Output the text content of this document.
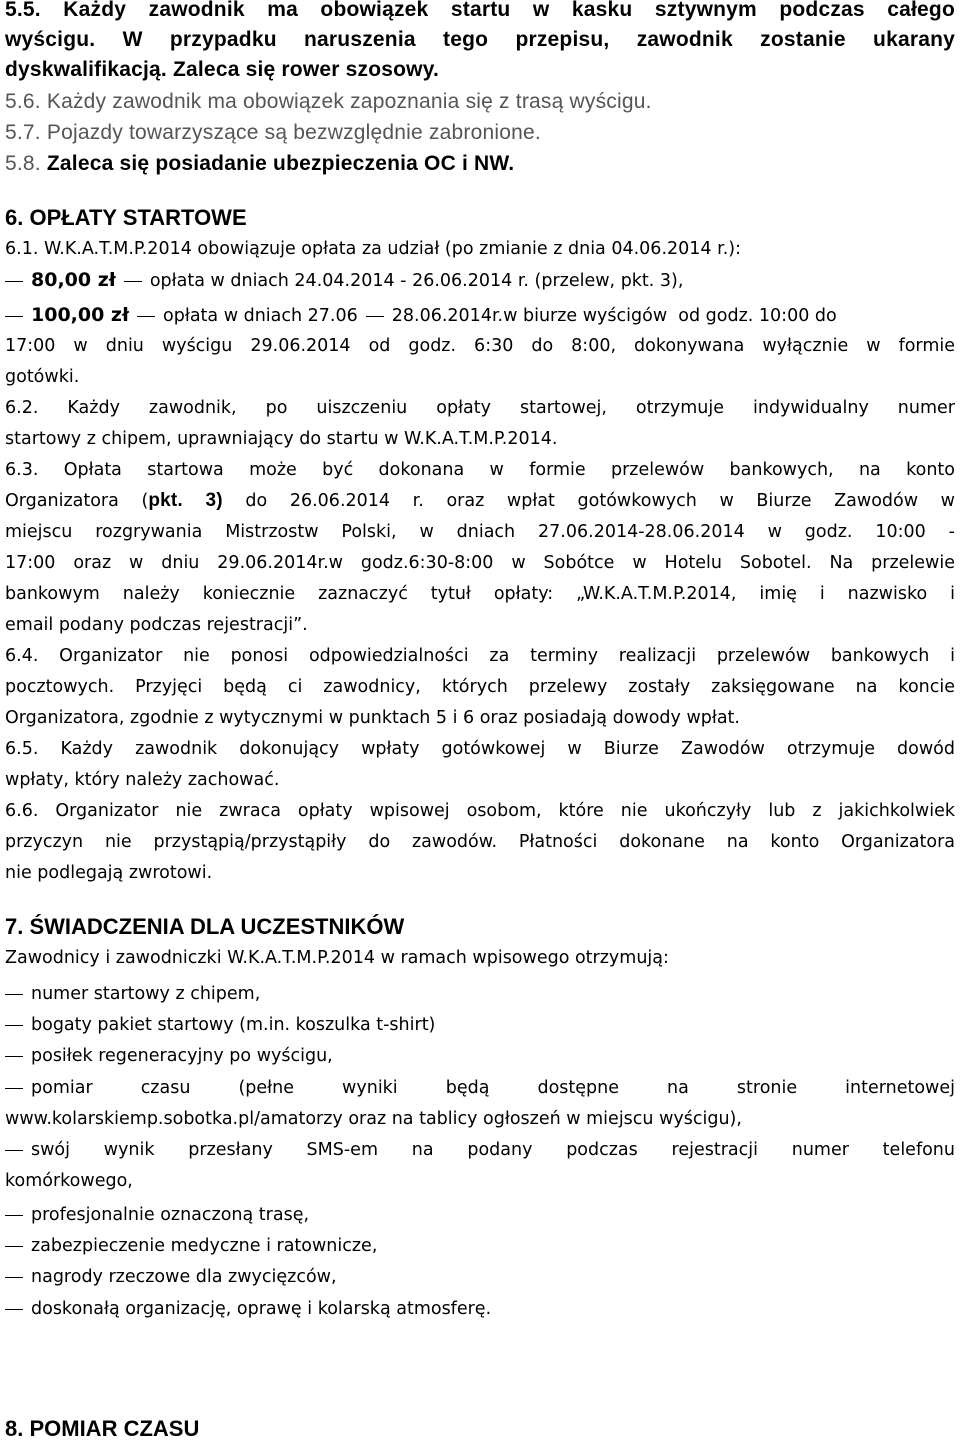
5.5. Każdy zawodnik ma obowiązek startu w kasku sztywnym podczas całego
wyścigu. W przypadku naruszenia tego przepisu, zawodnik zostanie ukarany
dyskwalifikacją. Zaleca się rower szosowy.
5.6. Każdy zawodnik ma obowiązek zapoznania się z trasą wyścigu.
5.7. Pojazdy towarzyszące są bezwzględnie zabronione.
5.8. Zaleca się posiadanie ubezpieczenia OC i NW.
6. OPŁATY STARTOWE
6.1. W.K.A.T.M.P.2014 obowiązuje opłata za udział (po zmianie z dnia 04.06.2014 r.):
80,00 zł opłata w dniach 24.04.2014 - 26.06.2014 r. (przelew, pkt. 3),
100,00 zł opłata w dniach 27.06 28.06.2014r.w biurze wyścigów od godz. 10:00 do
17:00 w dniu wyścigu 29.06.2014 od godz. 6:30 do 8:00, dokonywana wyłącznie w formie
gotówki.
6.2. Każdy zawodnik, po uiszczeniu opłaty startowej, otrzymuje indywidualny numer
startowy z chipem, uprawniający do startu w W.K.A.T.M.P.2014.
6.3. Opłata startowa może być dokonana w formie przelewów bankowych, na konto
Organizatora (pkt. 3) do 26.06.2014 r. oraz wpłat gotówkowych w Biurze Zawodów w
miejscu rozgrywania Mistrzostw Polski, w dniach 27.06.2014-28.06.2014 w godz. 10:00 -
17:00 oraz w dniu 29.06.2014r.w godz.6:30-8:00 w Sobótce w Hotelu Sobotel. Na przelewie
bankowym należy koniecznie zaznaczyć tytuł opłaty: „W.K.A.T.M.P.2014, imię i nazwisko i
email podany podczas rejestracji”.
6.4. Organizator nie ponosi odpowiedzialności za terminy realizacji przelewów bankowych i
pocztowych. Przyjęci będą ci zawodnicy, których przelewy zostały zaksięgowane na koncie
Organizatora, zgodnie z wytycznymi w punktach 5 i 6 oraz posiadają dowody wpłat.
6.5. Każdy zawodnik dokonujący wpłaty gotówkowej w Biurze Zawodów otrzymuje dowód
wpłaty, który należy zachować.
6.6. Organizator nie zwraca opłaty wpisowej osobom, które nie ukończyły lub z jakichkolwiek
przyczyn nie przystąpią/przystąpiły do zawodów. Płatności dokonane na konto Organizatora
nie podlegają zwrotowi.
7. ŚWIADCZENIA DLA UCZESTNIKÓW
Zawodnicy i zawodniczki W.K.A.T.M.P.2014 w ramach wpisowego otrzymują:
numer startowy z chipem,
bogaty pakiet startowy (m.in. koszulka t-shirt)
posiłek regeneracyjny po wyścigu,
pomiar czasu (pełne wyniki będą dostępne na stronie internetowej
www.kolarskiemp.sobotka.pl/amatorzy oraz na tablicy ogłoszeń w miejscu wyścigu),
swój wynik przesłany SMS-em na podany podczas rejestracji numer telefonu
komórkowego,
profesjonalnie oznaczoną trasę,
zabezpieczenie medyczne i ratownicze,
nagrody rzeczowe dla zwycięzców,
doskonałą organizację, oprawę i kolarską atmosferę.
8. POMIAR CZASU
